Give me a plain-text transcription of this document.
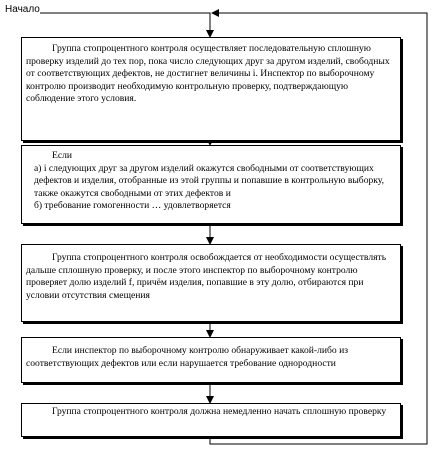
Начало

Группа стопроцентного контроля осуществляет последовательную сплошную проверку изделий до тех пор, пока число следующих друг за другом изделий, свободных от соответствующих дефектов, не достигнет величины i. Инспектор по выборочному контролю производит необходимую контрольную проверку, подтверждающую соблюдение этого условия.

Если

а) i следующих друг за другом изделий окажутся свободными от соответствующих дефектов и изделия, отобранные из этой группы и попавшие в контрольную выборку, также окажутся свободными от этих дефектов и

б) требование гомогенности … удовлетворяется

Группа стопроцентного контроля освобождается от необходимости осуществлять дальше сплошную проверку, и после этого инспектор по выборочному контролю проверяет долю изделий f, причём изделия, попавшие в эту долю, отбираются при условии отсутствия смещения

Если инспектор по выборочному контролю обнаруживает какой-либо из соответствующих дефектов или если нарушается требование однородности

Группа стопроцентного контроля должна немедленно начать сплошную проверку
